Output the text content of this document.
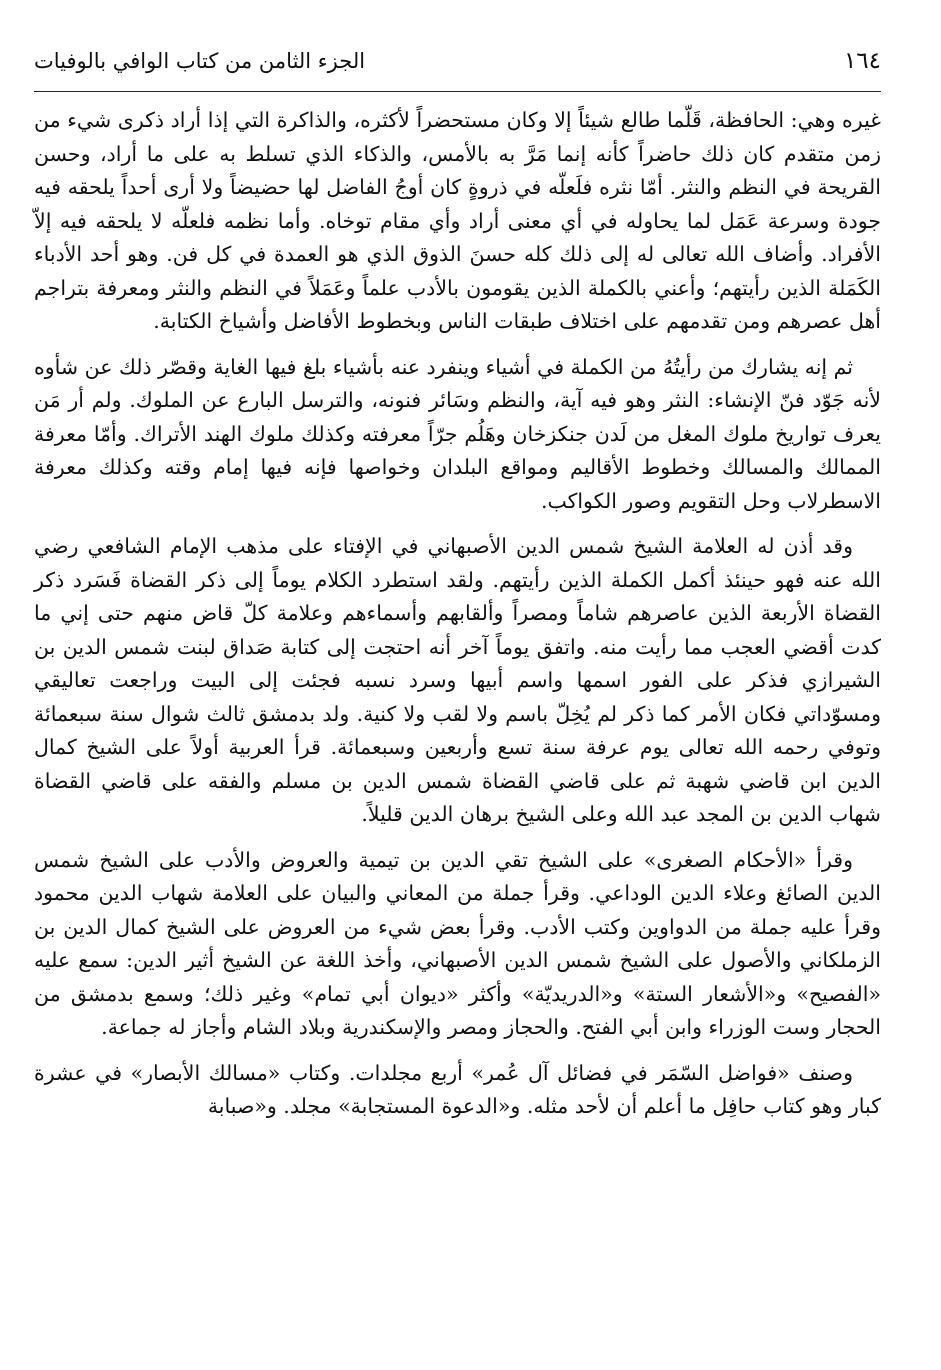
١٦٤
الجزء الثامن من كتاب الوافي بالوفيات

غيره وهي: الحافظة، قَلّما طالع شيئاً إلا وكان مستحضراً لأكثره، والذاكرة التي إذا أراد ذكرى شيء من زمن متقدم كان ذلك حاضراً كأنه إنما مَرَّ به بالأمس، والذكاء الذي تسلط به على ما أراد، وحسن القريحة في النظم والنثر. أمّا نثره فلَعلّه في ذروةٍ كان أوجُ الفاضل لها حضيضاً ولا أرى أحداً يلحقه فيه جودة وسرعة عَمَل لما يحاوله في أي معنى أراد وأي مقام توخاه. وأما نظمه فلعلّه لا يلحقه فيه إلاّ الأفراد. وأضاف الله تعالى له إلى ذلك كله حسنَ الذوق الذي هو العمدة في كل فن. وهو أحد الأدباء الكَمَلة الذين رأيتهم؛ وأعني بالكملة الذين يقومون بالأدب علماً وعَمَلاً في النظم والنثر ومعرفة بتراجم أهل عصرهم ومن تقدمهم على اختلاف طبقات الناس وبخطوط الأفاضل وأشياخ الكتابة.

ثم إنه يشارك من رأيتُهُ من الكملة في أشياء وينفرد عنه بأشياء بلغ فيها الغاية وقصّر ذلك عن شأوه لأنه جَوّد فنّ الإنشاء: النثر وهو فيه آية، والنظم وسَائر فنونه، والترسل البارع عن الملوك. ولم أر مَن يعرف تواريخ ملوك المغل من لَدن جنكزخان وهَلُم جرّاً معرفته وكذلك ملوك الهند الأتراك. وأمّا معرفة الممالك والمسالك وخطوط الأقاليم ومواقع البلدان وخواصها فإنه فيها إمام وقته وكذلك معرفة الاسطرلاب وحل التقويم وصور الكواكب.

وقد أذن له العلامة الشيخ شمس الدين الأصبهاني في الإفتاء على مذهب الإمام الشافعي رضي الله عنه فهو حينئذ أكمل الكملة الذين رأيتهم. ولقد استطرد الكلام يوماً إلى ذكر القضاة فَسَرد ذكر القضاة الأربعة الذين عاصرهم شاماً ومصراً وألقابهم وأسماءهم وعلامة كلّ قاض منهم حتى إني ما كدت أقضي العجب مما رأيت منه. واتفق يوماً آخر أنه احتجت إلى كتابة صَداق لبنت شمس الدين بن الشيرازي فذكر على الفور اسمها واسم أبيها وسرد نسبه فجئت إلى البيت وراجعت تعاليقي ومسوّداتي فكان الأمر كما ذكر لم يُخِلّ باسم ولا لقب ولا كنية. ولد بدمشق ثالث شوال سنة سبعمائة وتوفي رحمه الله تعالى يوم عرفة سنة تسع وأربعين وسبعمائة. قرأ العربية أولاً على الشيخ كمال الدين ابن قاضي شهبة ثم على قاضي القضاة شمس الدين بن مسلم والفقه على قاضي القضاة شهاب الدين بن المجد عبد الله وعلى الشيخ برهان الدين قليلاً.

وقرأ «الأحكام الصغرى» على الشيخ تقي الدين بن تيمية والعروض والأدب على الشيخ شمس الدين الصائغ وعلاء الدين الوداعي. وقرأ جملة من المعاني والبيان على العلامة شهاب الدين محمود وقرأ عليه جملة من الدواوين وكتب الأدب. وقرأ بعض شيء من العروض على الشيخ كمال الدين بن الزملكاني والأصول على الشيخ شمس الدين الأصبهاني، وأخذ اللغة عن الشيخ أثير الدين: سمع عليه «الفصيح» و«الأشعار الستة» و«الدريديّة» وأكثر «ديوان أبي تمام» وغير ذلك؛ وسمع بدمشق من الحجار وست الوزراء وابن أبي الفتح. والحجاز ومصر والإسكندرية وبلاد الشام وأجاز له جماعة.

وصنف «فواضل السّمَر في فضائل آل عُمر» أربع مجلدات. وكتاب «مسالك الأبصار» في عشرة كبار وهو كتاب حافِل ما أعلم أن لأحد مثله. و«الدعوة المستجابة» مجلد. و«صبابة
